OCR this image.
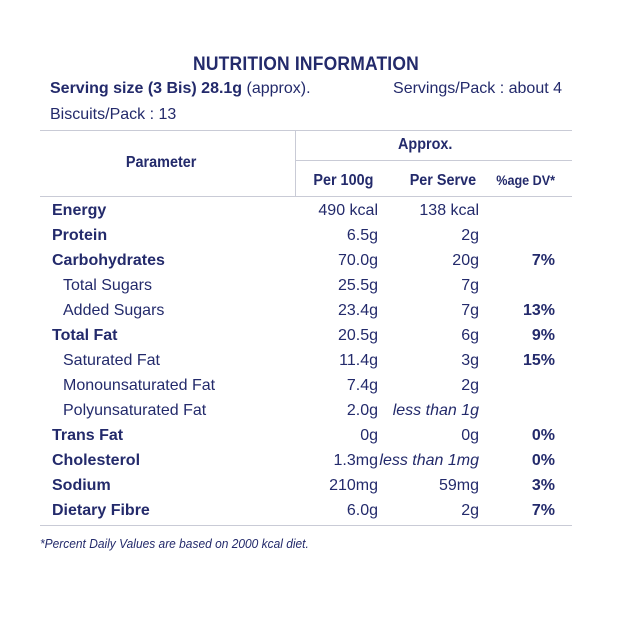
NUTRITION INFORMATION
Serving size (3 Bis) 28.1g (approx).	Servings/Pack : about 4
Biscuits/Pack : 13
Parameter
Approx.
Per 100g Per Serve %age DV*
Energy	490 kcal	138 kcal
Protein	6.5g	2g
Carbohydrates	70.0g	20g	7%
Total Sugars	25.5g	7g
Added Sugars	23.4g	7g	13%
Total Fat	20.5g	6g	9%
Saturated Fat	11.4g	3g	15%
Monounsaturated Fat	7.4g	2g
Polyunsaturated Fat	2.0g less than 1g
Trans Fat	0g	0g	0%
Cholesterol	1.3mg less than 1mg	0%
Sodium	210mg	59mg	3%
Dietary Fibre	6.0g	2g	7%
*Percent Daily Values are based on 2000 kcal diet.
